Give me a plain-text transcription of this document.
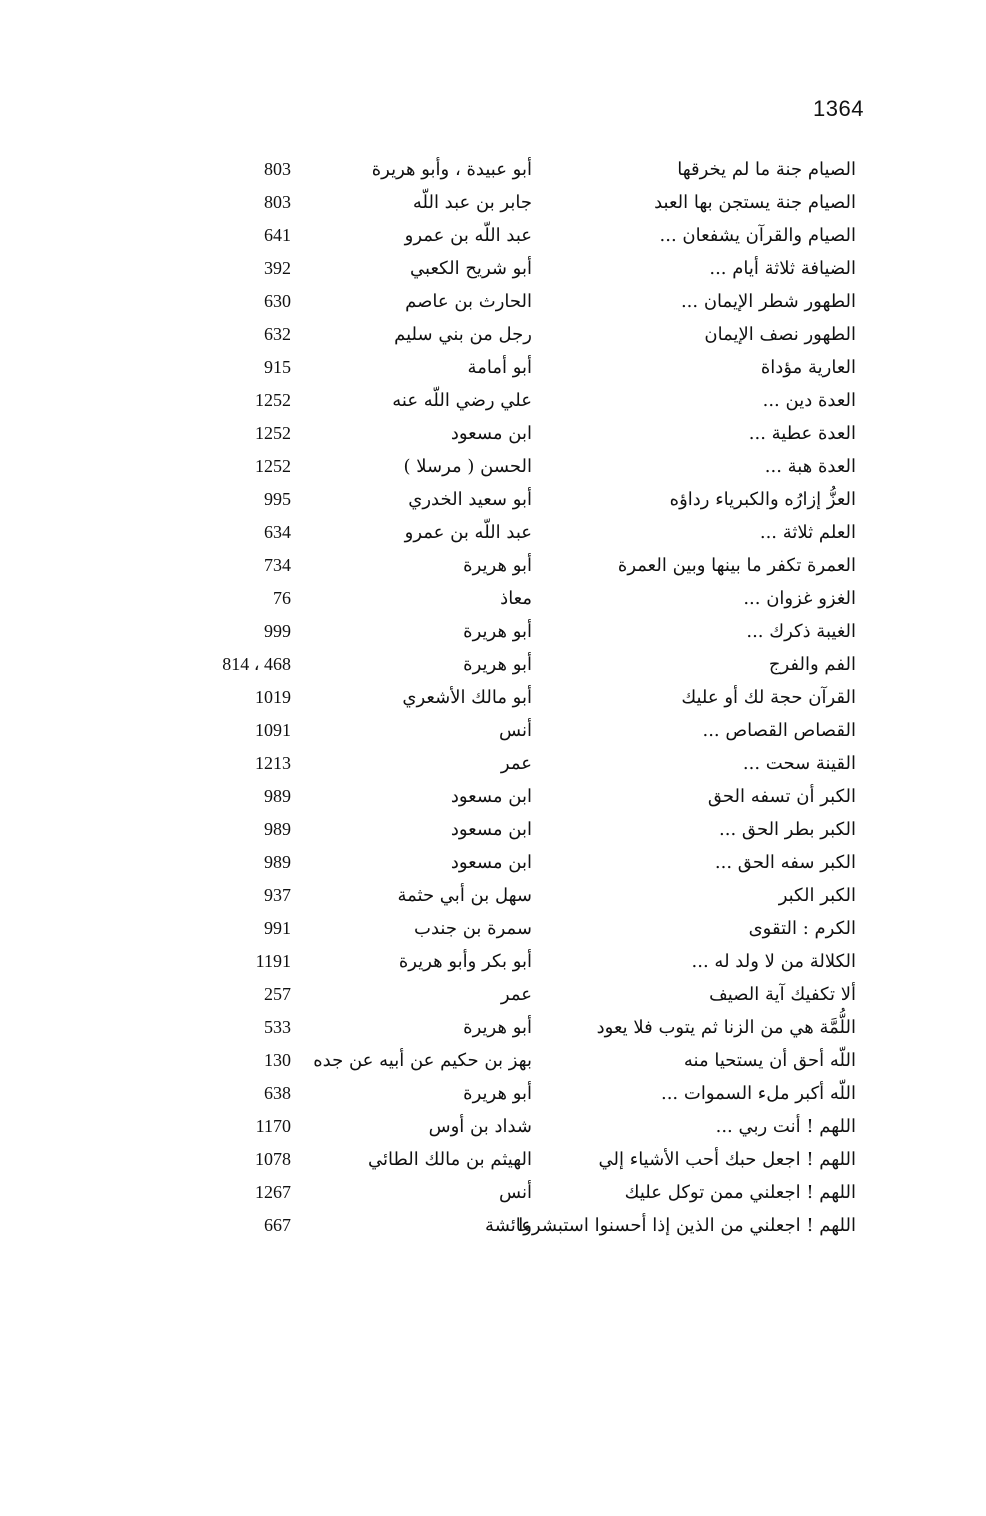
1364
الصيام جنة ما لم يخرقها
أبو عبيدة ، وأبو هريرة
803
الصيام جنة يستجن بها العبد
جابر بن عبد اللّه
803
الصيام والقرآن يشفعان ...
عبد اللّه بن عمرو
641
الضيافة ثلاثة أيام ...
أبو شريح الكعبي
392
الطهور شطر الإيمان ...
الحارث بن عاصم
630
الطهور نصف الإيمان
رجل من بني سليم
632
العارية مؤداة
أبو أمامة
915
العدة دين ...
علي رضي اللّه عنه
1252
العدة عطية ...
ابن مسعود
1252
العدة هبة ...
الحسن ( مرسلا )
1252
العزُّ إزارُه والكبرياء رداؤه
أبو سعيد الخدري
995
العلم ثلاثة ...
عبد اللّه بن عمرو
634
العمرة تكفر ما بينها وبين العمرة
أبو هريرة
734
الغزو غزوان ...
معاذ
76
الغيبة ذكرك ...
أبو هريرة
999
الفم والفرج
أبو هريرة
468 ، 814
القرآن حجة لك أو عليك
أبو مالك الأشعري
1019
القصاص القصاص ...
أنس
1091
القينة سحت ...
عمر
1213
الكبر أن تسفه الحق
ابن مسعود
989
الكبر بطر الحق ...
ابن مسعود
989
الكبر سفه الحق ...
ابن مسعود
989
الكبر الكبر
سهل بن أبي حثمة
937
الكرم : التقوى
سمرة بن جندب
991
الكلالة من لا ولد له ...
أبو بكر وأبو هريرة
1191
ألا تكفيك آية الصيف
عمر
257
اللُّمَّة هي من الزنا ثم يتوب فلا يعود
أبو هريرة
533
اللّه أحق أن يستحيا منه
بهز بن حكيم عن أبيه عن جده
130
اللّه أكبر ملء السموات ...
أبو هريرة
638
اللهم ! أنت ربي ...
شداد بن أوس
1170
اللهم ! اجعل حبك أحب الأشياء إلي
الهيثم بن مالك الطائي
1078
اللهم ! اجعلني ممن توكل عليك
أنس
1267
اللهم ! اجعلني من الذين إذا أحسنوا استبشروا
عائشة
667
